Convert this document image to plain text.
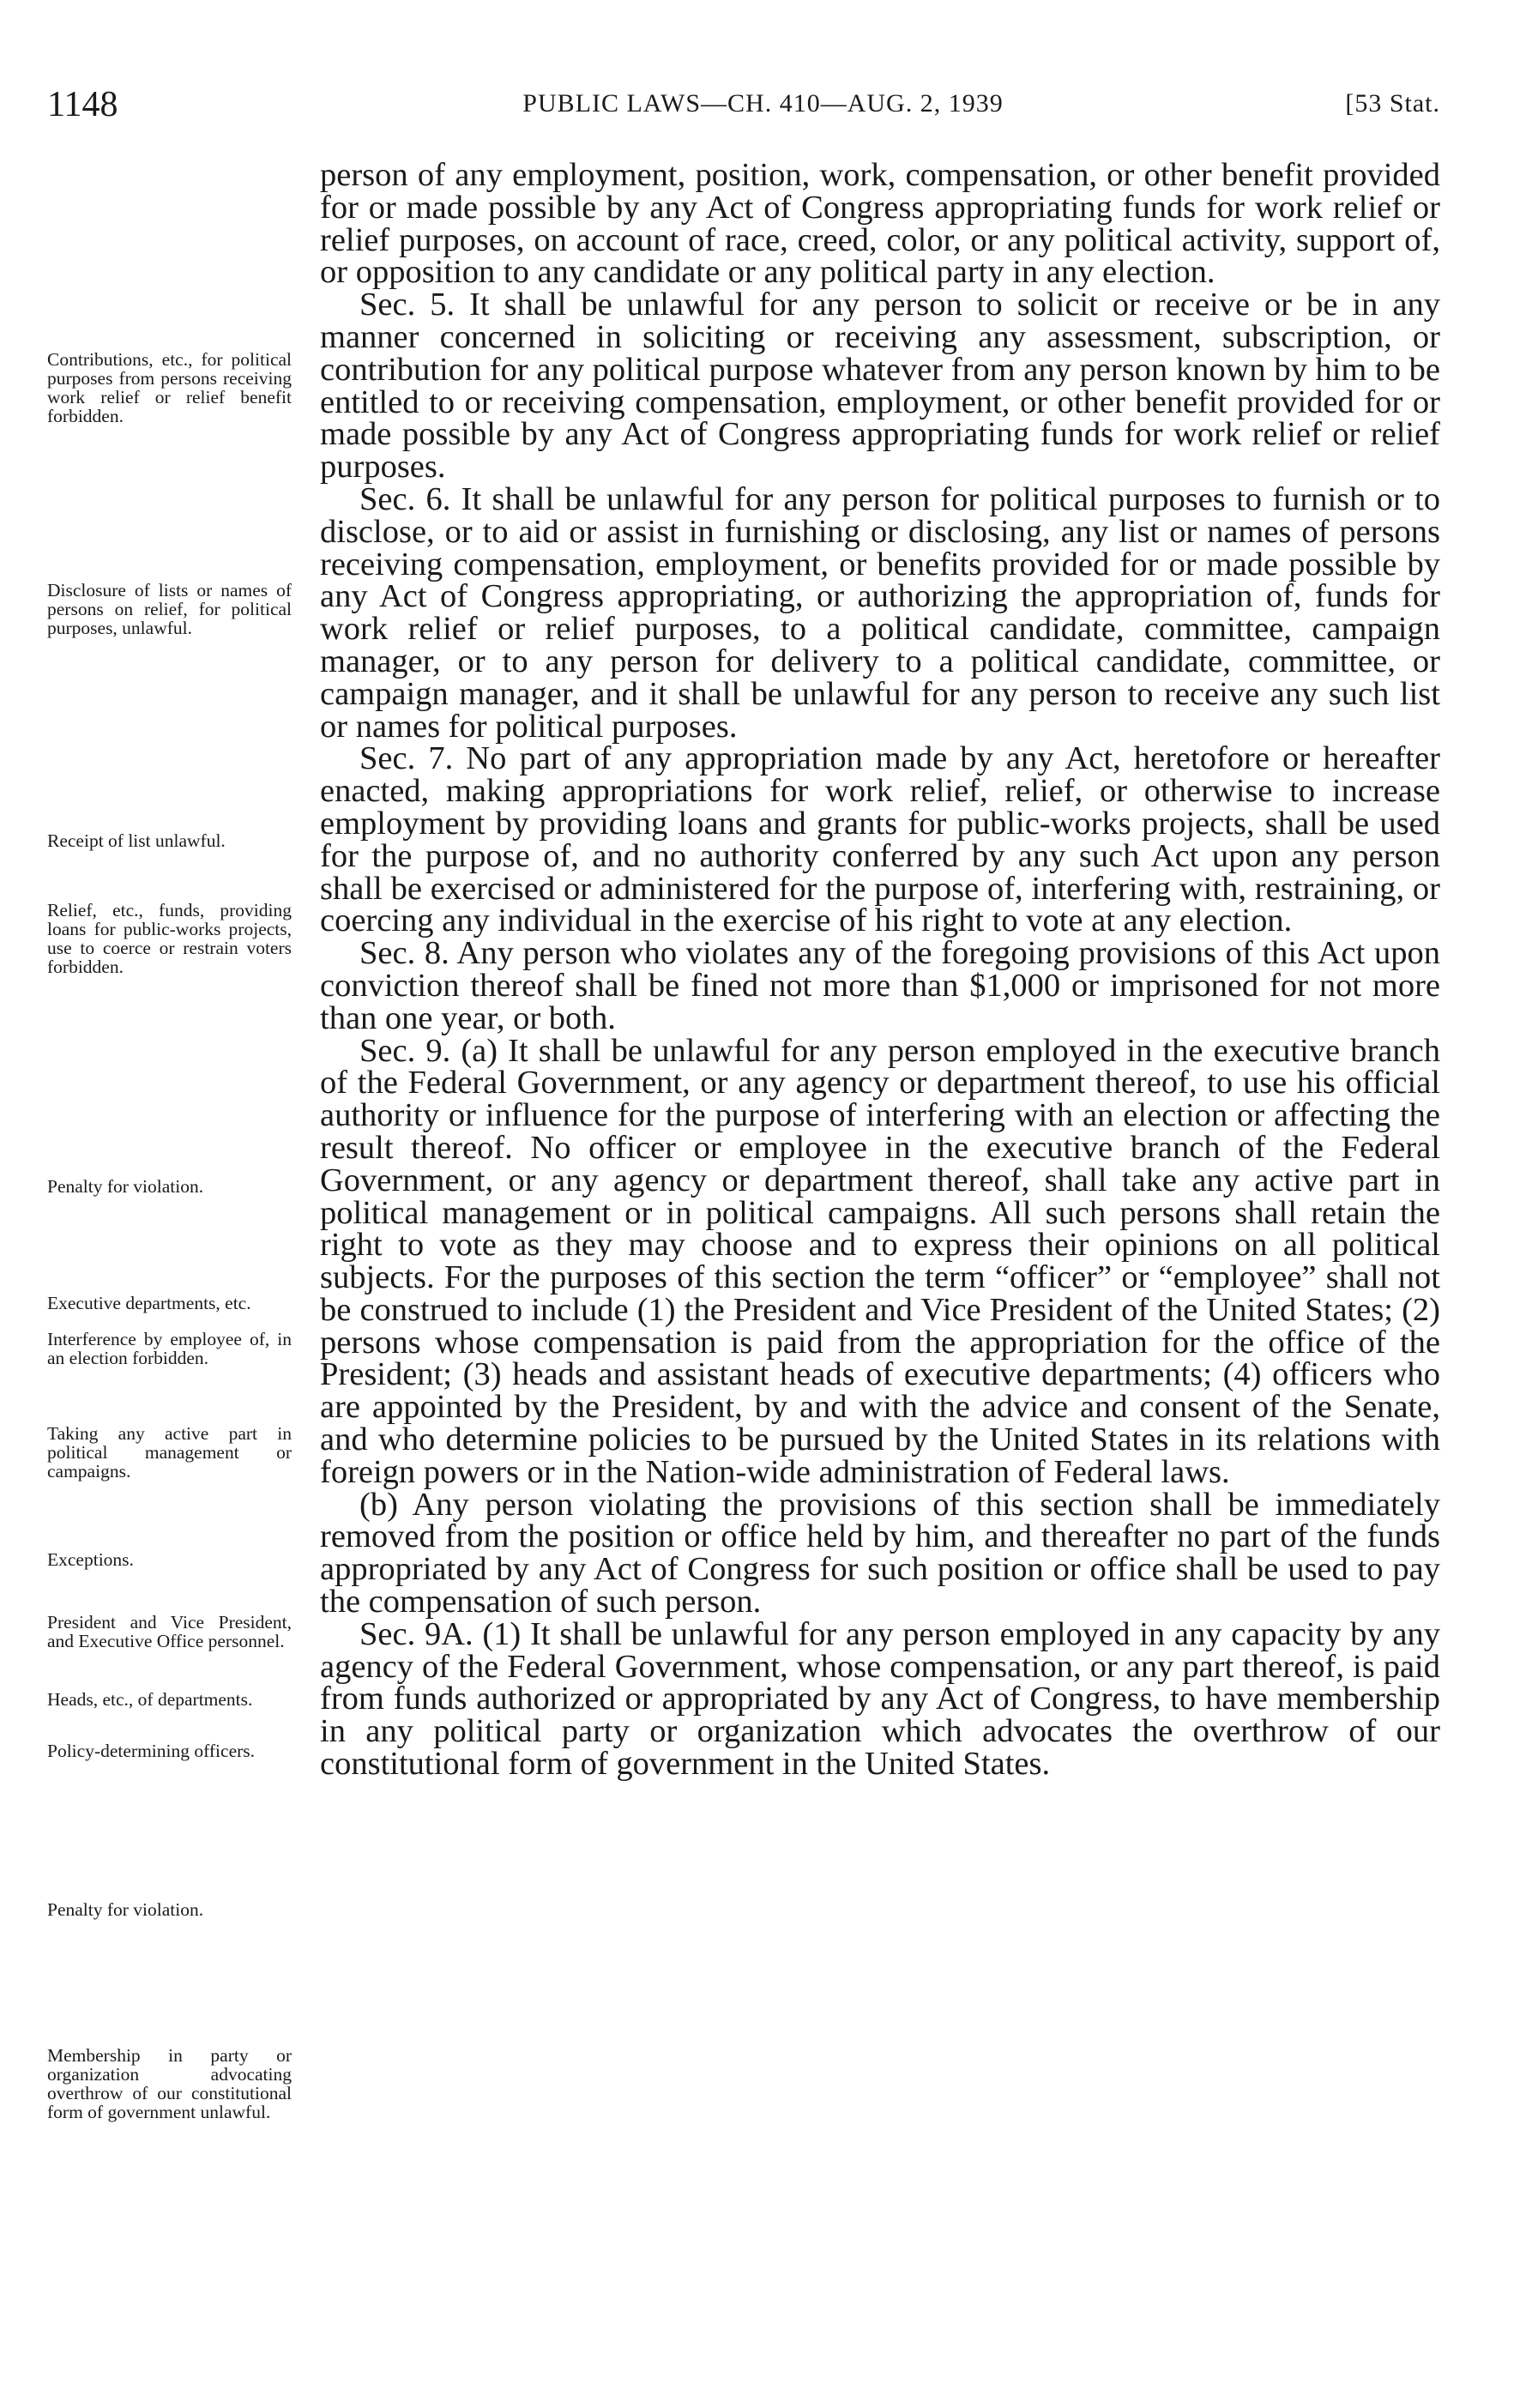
1148	PUBLIC LAWS—CH. 410—AUG. 2, 1939	[53 Stat.
Contributions, etc., for political purposes from persons receiving work relief or relief benefit forbidden.
Disclosure of lists or names of persons on relief, for political purposes, unlawful.
Receipt of list unlawful.
Relief, etc., funds, providing loans for public-works projects, use to coerce or restrain voters forbidden.
Penalty for violation.
Executive departments, etc.
Interference by employee of, in an election forbidden.
Taking any active part in political management or campaigns.
Exceptions.
President and Vice President, and Executive Office personnel.
Heads, etc., of departments.
Policy-determining officers.
Penalty for violation.
Membership in party or organization advocating overthrow of our constitutional form of government unlawful.

person of any employment, position, work, compensation, or other benefit provided for or made possible by any Act of Congress appropriating funds for work relief or relief purposes, on account of race, creed, color, or any political activity, support of, or opposition to any candidate or any political party in any election.

Sec. 5. It shall be unlawful for any person to solicit or receive or be in any manner concerned in soliciting or receiving any assessment, subscription, or contribution for any political purpose whatever from any person known by him to be entitled to or receiving compensation, employment, or other benefit provided for or made possible by any Act of Congress appropriating funds for work relief or relief purposes.

Sec. 6. It shall be unlawful for any person for political purposes to furnish or to disclose, or to aid or assist in furnishing or disclosing, any list or names of persons receiving compensation, employment, or benefits provided for or made possible by any Act of Congress appropriating, or authorizing the appropriation of, funds for work relief or relief purposes, to a political candidate, committee, campaign manager, or to any person for delivery to a political candidate, committee, or campaign manager, and it shall be unlawful for any person to receive any such list or names for political purposes.

Sec. 7. No part of any appropriation made by any Act, heretofore or hereafter enacted, making appropriations for work relief, relief, or otherwise to increase employment by providing loans and grants for public-works projects, shall be used for the purpose of, and no authority conferred by any such Act upon any person shall be exercised or administered for the purpose of, interfering with, restraining, or coercing any individual in the exercise of his right to vote at any election.

Sec. 8. Any person who violates any of the foregoing provisions of this Act upon conviction thereof shall be fined not more than $1,000 or imprisoned for not more than one year, or both.

Sec. 9. (a) It shall be unlawful for any person employed in the executive branch of the Federal Government, or any agency or department thereof, to use his official authority or influence for the purpose of interfering with an election or affecting the result thereof. No officer or employee in the executive branch of the Federal Government, or any agency or department thereof, shall take any active part in political management or in political campaigns. All such persons shall retain the right to vote as they may choose and to express their opinions on all political subjects. For the purposes of this section the term “officer” or “employee” shall not be construed to include (1) the President and Vice President of the United States; (2) persons whose compensation is paid from the appropriation for the office of the President; (3) heads and assistant heads of executive departments; (4) officers who are appointed by the President, by and with the advice and consent of the Senate, and who determine policies to be pursued by the United States in its relations with foreign powers or in the Nation-wide administration of Federal laws.

(b) Any person violating the provisions of this section shall be immediately removed from the position or office held by him, and thereafter no part of the funds appropriated by any Act of Congress for such position or office shall be used to pay the compensation of such person.

Sec. 9A. (1) It shall be unlawful for any person employed in any capacity by any agency of the Federal Government, whose compensation, or any part thereof, is paid from funds authorized or appropriated by any Act of Congress, to have membership in any political party or organization which advocates the overthrow of our constitutional form of government in the United States.
